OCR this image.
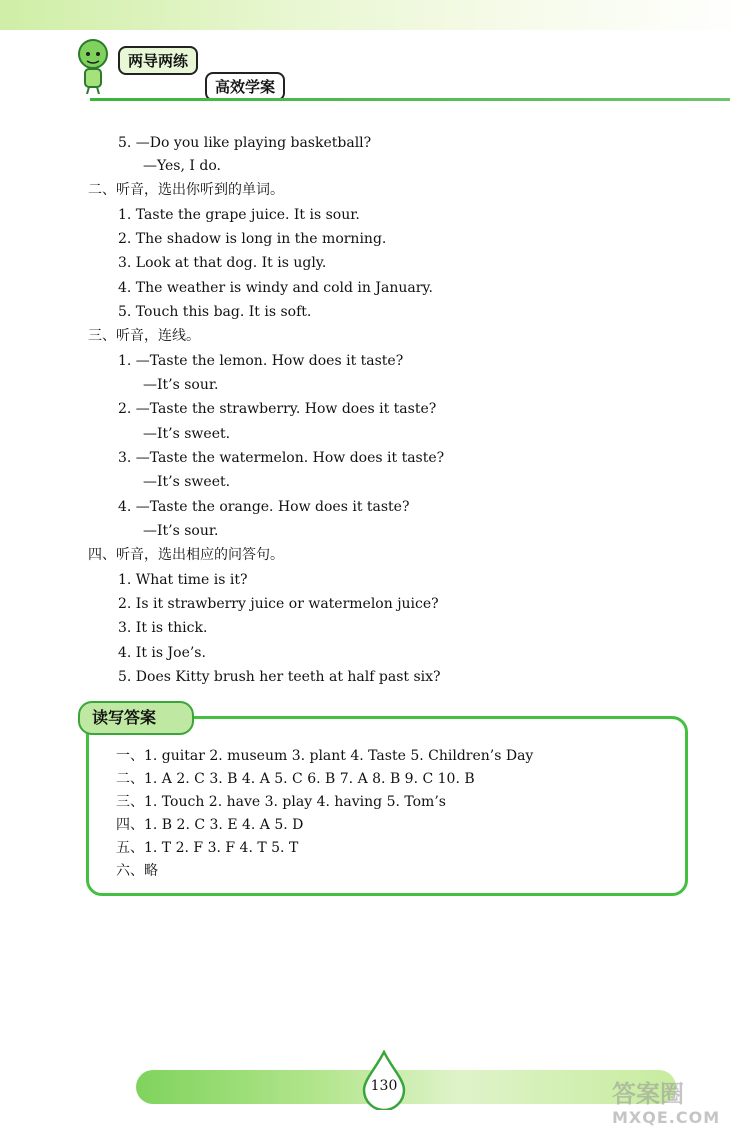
两导两练
高效学案
5. —Do you like playing basketball?
—Yes, I do.
二、听音，选出你听到的单词。
1. Taste the grape juice. It is sour.
2. The shadow is long in the morning.
3. Look at that dog. It is ugly.
4. The weather is windy and cold in January.
5. Touch this bag. It is soft.
三、听音，连线。
1. —Taste the lemon. How does it taste?
—It’s sour.
2. —Taste the strawberry. How does it taste?
—It’s sweet.
3. —Taste the watermelon. How does it taste?
—It’s sweet.
4. —Taste the orange. How does it taste?
—It’s sour.
四、听音，选出相应的问答句。
1. What time is it?
2. Is it strawberry juice or watermelon juice?
3. It is thick.
4. It is Joe’s.
5. Does Kitty brush her teeth at half past six?
读写答案
一、1. guitar 2. museum 3. plant 4. Taste 5. Children’s Day
二、1. A 2. C 3. B 4. A 5. C 6. B 7. A 8. B 9. C 10. B
三、1. Touch 2. have 3. play 4. having 5. Tom’s
四、1. B 2. C 3. E 4. A 5. D
五、1. T 2. F 3. F 4. T 5. T
六、略
130	答案圈
MXQE.COM
